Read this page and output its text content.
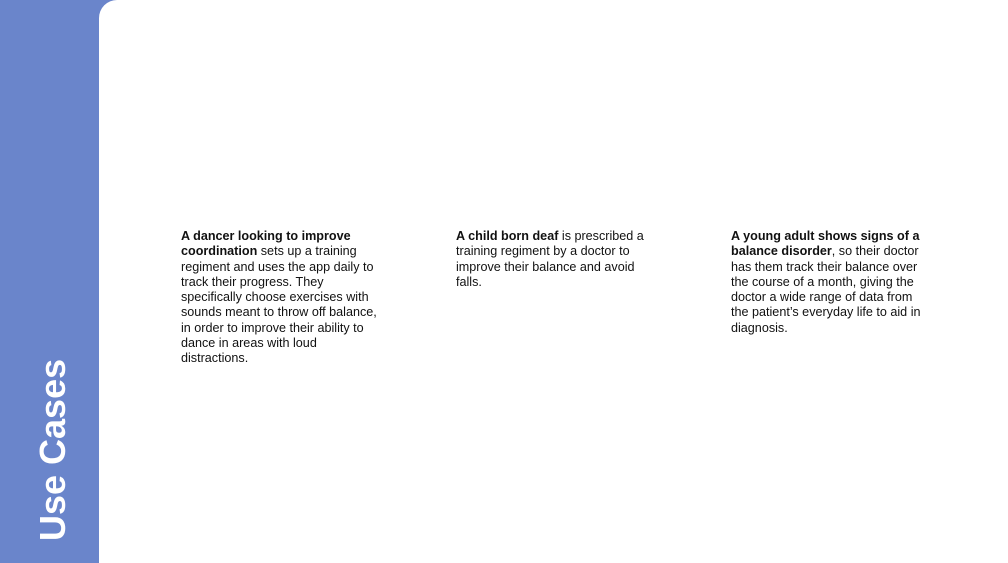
Use Cases
A dancer looking to improve coordination sets up a training regiment and uses the app daily to track their progress. They specifically choose exercises with sounds meant to throw off balance, in order to improve their ability to dance in areas with loud distractions.
A child born deaf is prescribed a training regiment by a doctor to improve their balance and avoid falls.
A young adult shows signs of a balance disorder, so their doctor has them track their balance over the course of a month, giving the doctor a wide range of data from the patient’s everyday life to aid in diagnosis.
